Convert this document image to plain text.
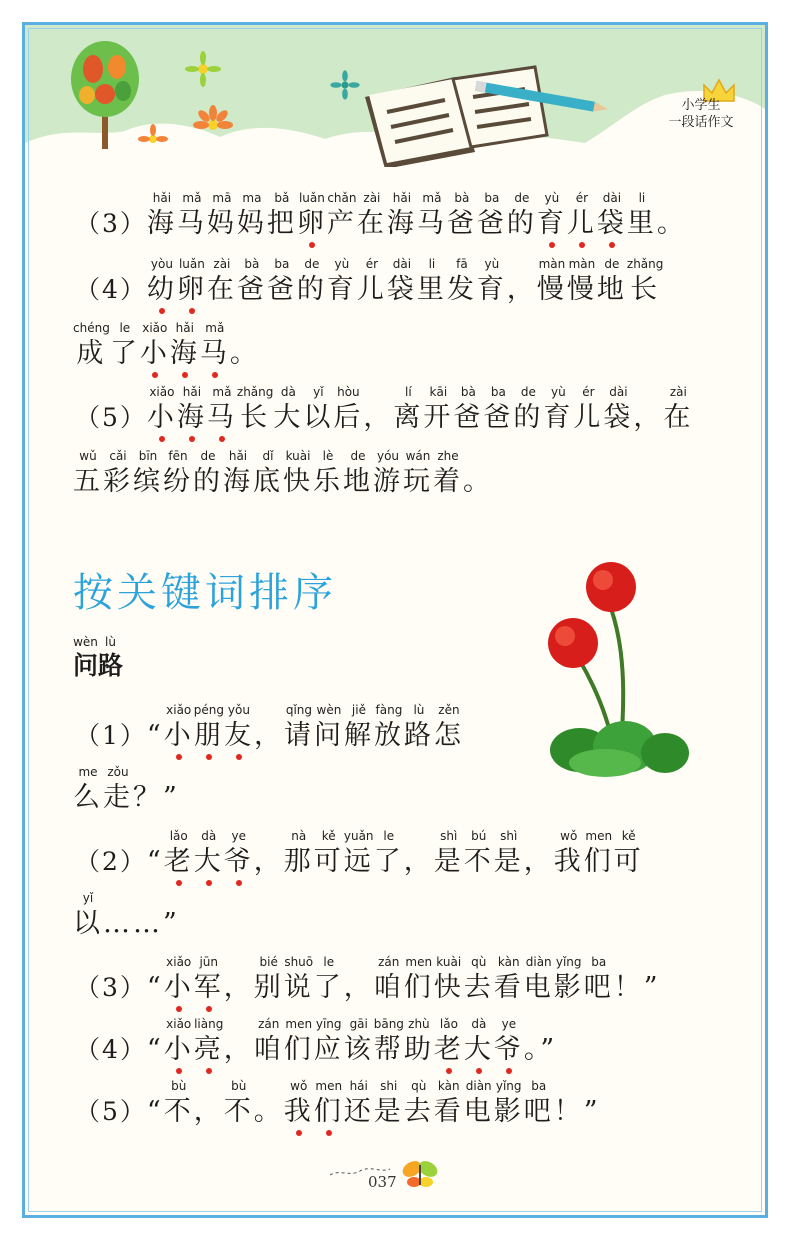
小学生
一段话作文
（3）海hǎi马mǎ妈mā妈ma把bǎ卵luǎn产chǎn在zài海hǎi马mǎ爸bà爸ba的de育yù儿ér袋dài里li。
（4）幼yòu卵luǎn在zài爸bà爸ba的de育yù儿ér袋dài里li发fā育yù， 慢màn慢màn地de长zhǎng
成chéng了le小xiǎo海hǎi马mǎ。
（5）小xiǎo海hǎi马mǎ长zhǎng大dà以yǐ后hòu， 离lí开kāi爸bà爸ba的de育yù儿ér袋dài， 在zài
五wǔ彩cǎi缤bīn纷fēn的de海hǎi底dǐ快kuài乐lè地de游yóu玩wán着zhe。
按关键词排序
问wèn路lù
（1）“ 小xiǎo朋péng友yǒu， 请qǐng问wèn解jiě放fàng路lù怎zěn
么me走zǒu？”
（2）“ 老lǎo大dà爷ye， 那nà可kě远yuǎn了le， 是shì不bú是shì， 我wǒ们men可kě
以yǐ……”
（3）“ 小xiǎo军jūn， 别bié说shuō了le， 咱zán们men快kuài去qù看kàn电diàn影yǐng吧ba！”
（4）“ 小xiǎo亮liàng， 咱zán们men应yīng该gāi帮bāng助zhù老lǎo大dà爷ye。”
（5）“ 不bù， 不bù。 我wǒ们men还hái是shi去qù看kàn电diàn影yǐng吧ba！”
037
